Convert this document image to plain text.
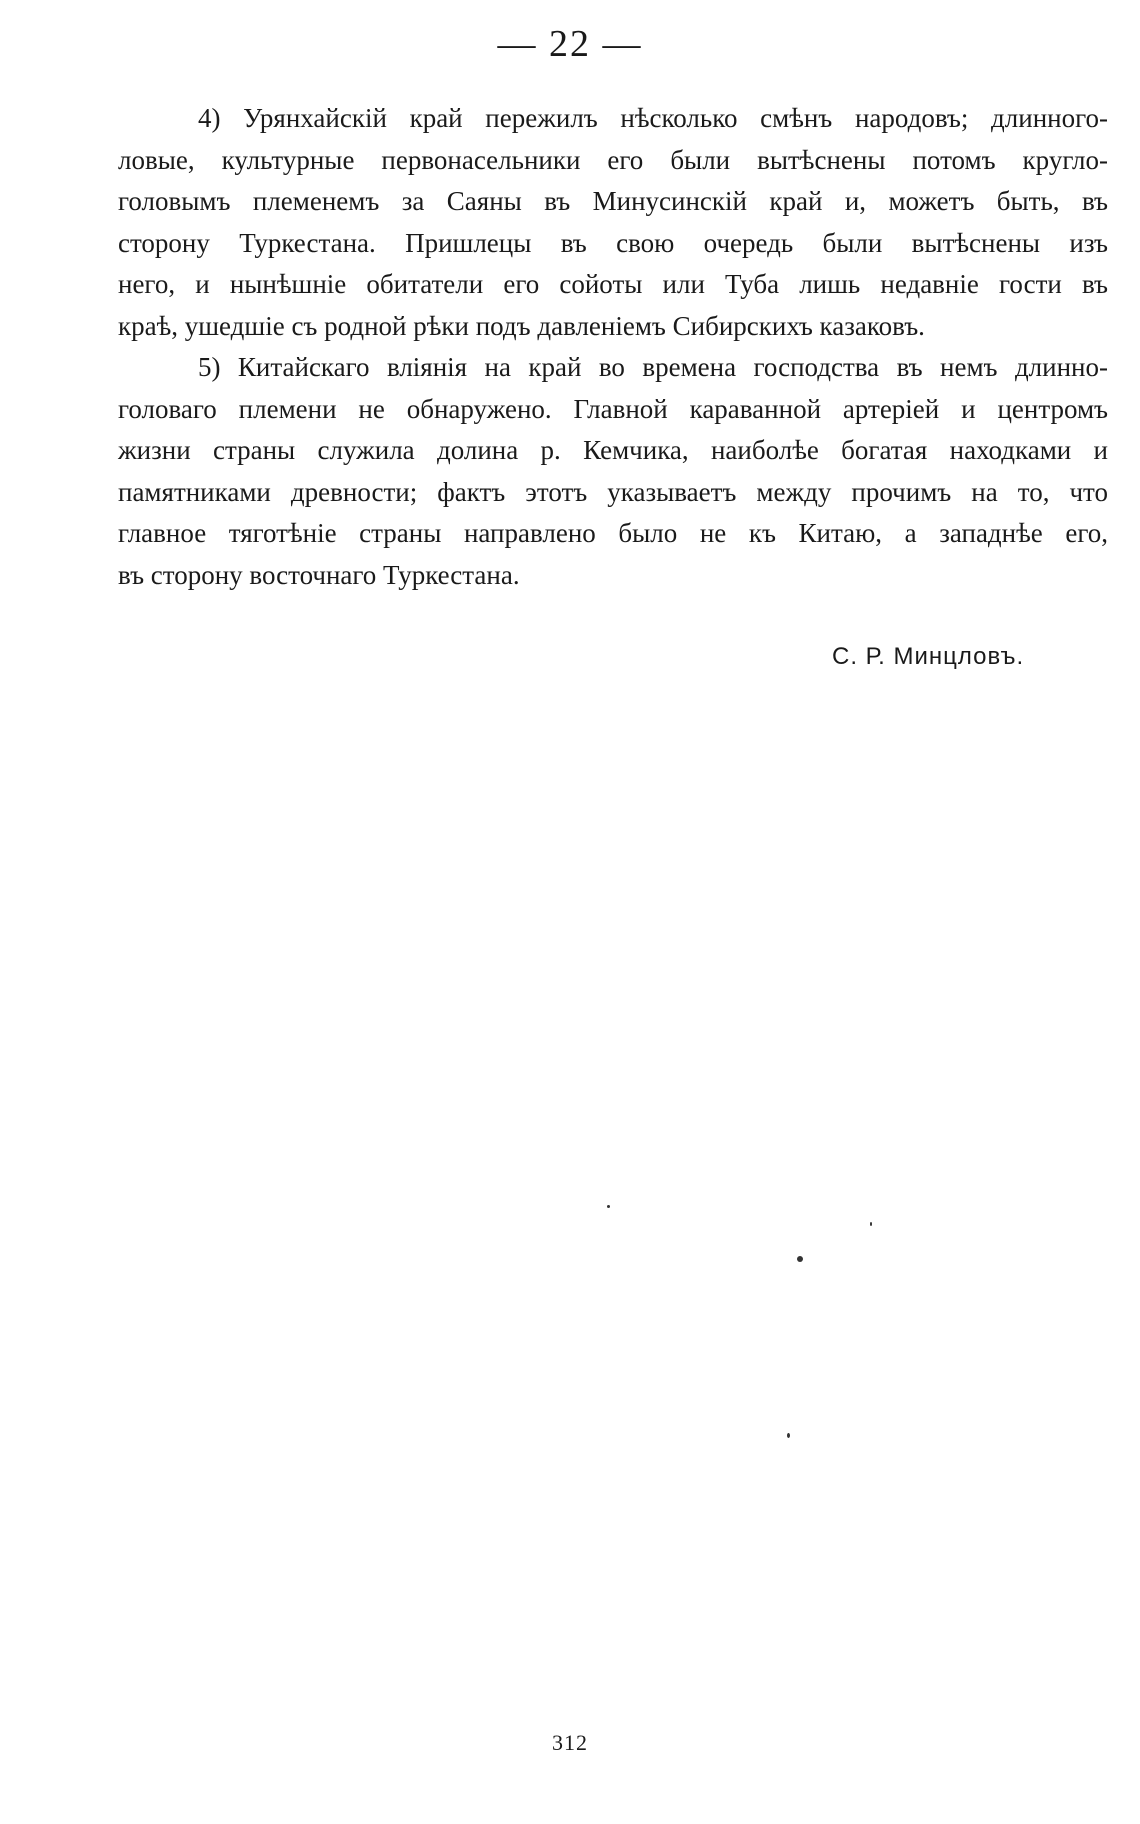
— 22 —

4) Урянхайскій край пережилъ нѣсколько смѣнъ народовъ; длинного-
ловые, культурные первонасельники его были вытѣснены потомъ кругло-
головымъ племенемъ за Саяны въ Минусинскій край и, можетъ быть, въ
сторону Туркестана. Пришлецы въ свою очередь были вытѣснены изъ
него, и нынѣшніе обитатели его сойоты или Туба лишь недавніе гости въ
краѣ, ушедшіе съ родной рѣки подъ давленіемъ Сибирскихъ казаковъ.

5) Китайскаго вліянія на край во времена господства въ немъ длинно-
головаго племени не обнаружено. Главной караванной артеріей и центромъ
жизни страны служила долина р. Кемчика, наиболѣе богатая находками и
памятниками древности; фактъ этотъ указываетъ между прочимъ на то, что
главное тяготѣніе страны направлено было не къ Китаю, а западнѣе его,
въ сторону восточнаго Туркестана.

С. Р. Минцловъ.
312
